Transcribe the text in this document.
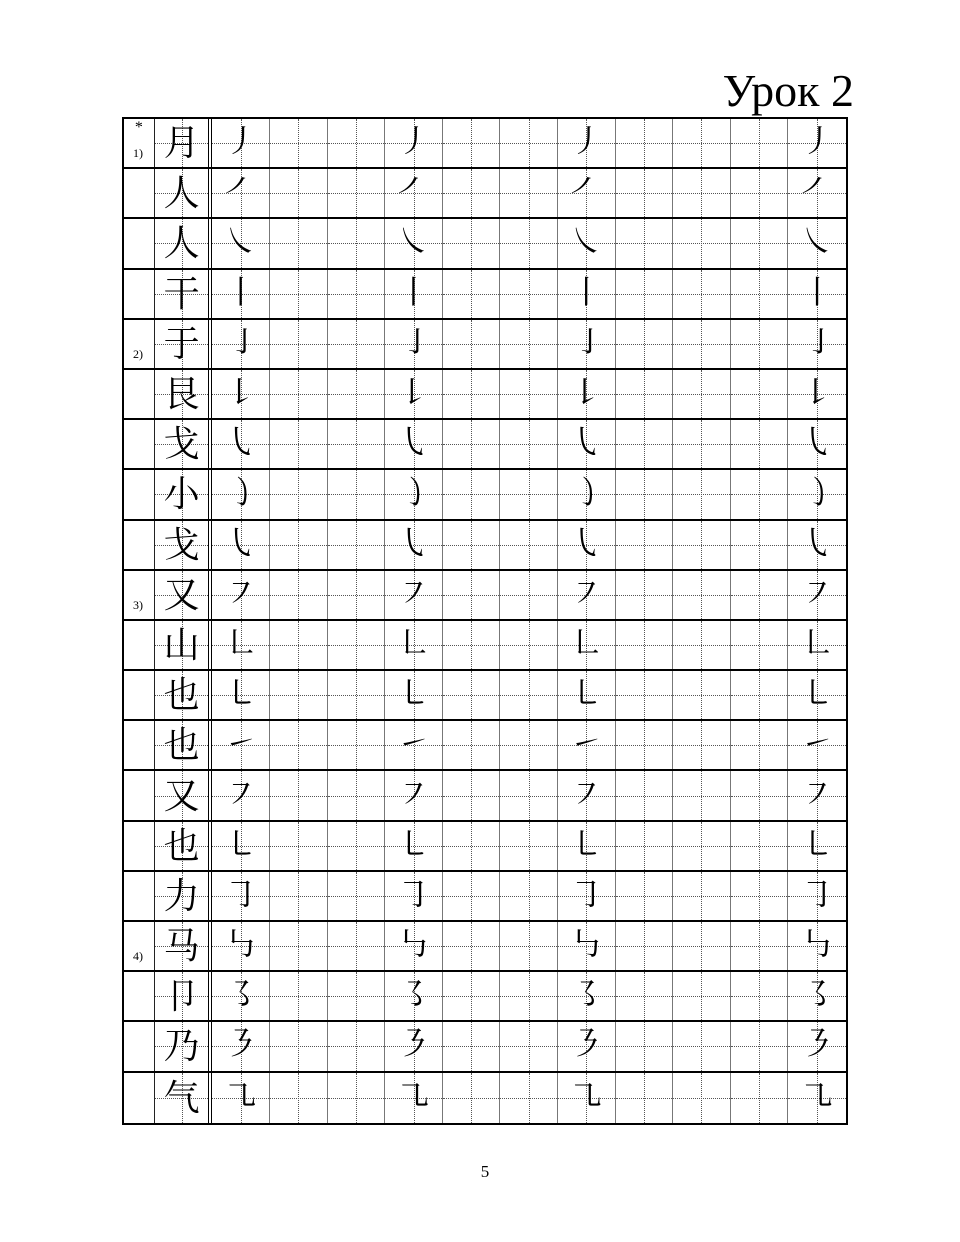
Урок 2
*
1) 月 ㇓	㇓	㇓	㇓
人 ㇒	㇒	㇒	㇒
人 ㇏	㇏	㇏	㇏
干 ㇑	㇑	㇑	㇑
2) 于 ㇚	㇚	㇚	㇚
艮 ㇙	㇙	㇙	㇙
戈 ㇂	㇂	㇂	㇂
小 ㇁	㇁	㇁	㇁
戈 ㇂	㇂	㇂	㇂
3) 又 ㇇	㇇	㇇	㇇
山 ㇗	㇗	㇗	㇗
也 ㇄	㇄	㇄	㇄
也 ㇀	㇀	㇀	㇀
又 ㇇	㇇	㇇	㇇
也 ㇄	㇄	㇄	㇄
力 ㇆	㇆	㇆	㇆
4) 马 ㇉	㇉	㇉	㇉
卩 ㇌	㇌	㇌	㇌
乃 ㇋	㇋	㇋	㇋
气 ㇈	㇈	㇈	㇈
5
